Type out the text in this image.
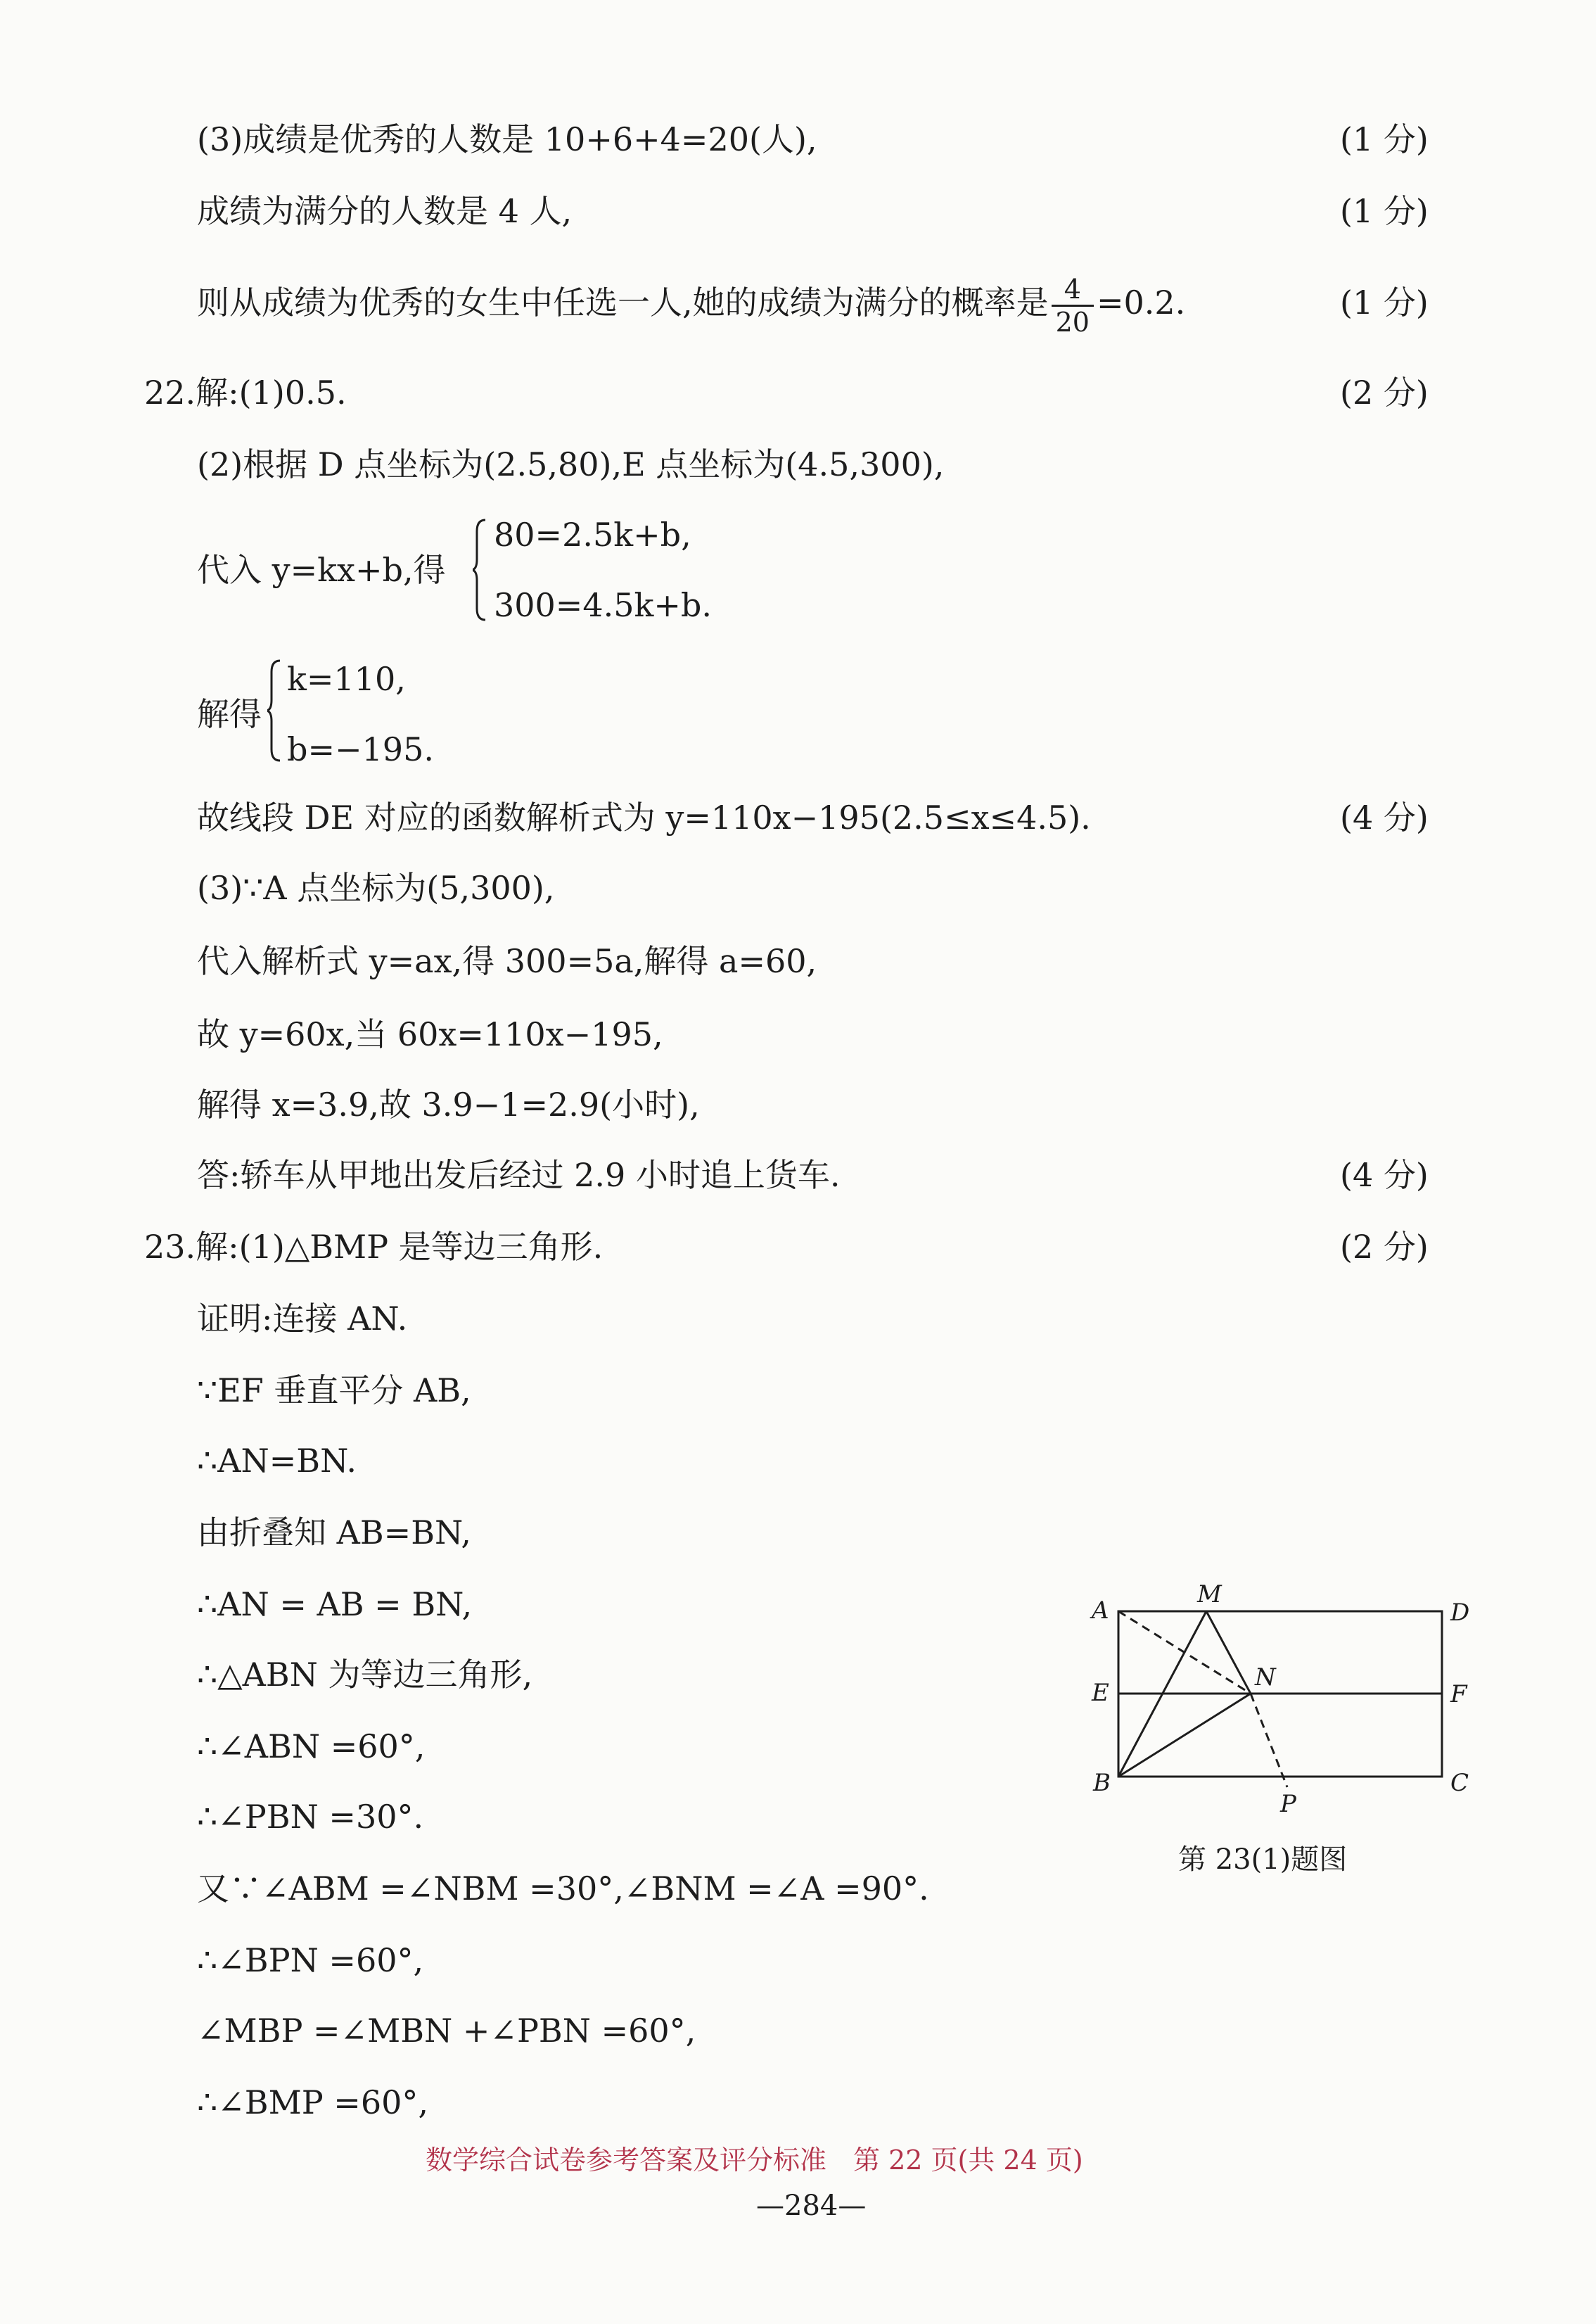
(3)成绩是优秀的人数是 10+6+4=20(人),	(1 分)
成绩为满分的人数是 4 人,	(1 分)
则从成绩为优秀的女生中任选一人,她的成绩为满分的概率是 $\frac{4}{20} =0.2$.	(1 分)
22.解:(1)0.5.	(2 分)
(2)根据 D 点坐标为(2.5,80),E 点坐标为(4.5,300),
代入 y=kx+b,得
80=2.5k+b,
300=4.5k+b.
解得
k=110,
b=−195.
故线段 DE 对应的函数解析式为 y=110x−195(2.5≤x≤4.5).	(4 分)
(3)∵A 点坐标为(5,300),
代入解析式 y=ax,得 300=5a,解得 a=60,
故 y=60x,当 60x=110x−195,
解得 x=3.9,故 3.9−1=2.9(小时),
答:轿车从甲地出发后经过 2.9 小时追上货车.	(4 分)
23.解:(1)△BMP 是等边三角形.	(2 分)
证明:连接 AN.
∵EF 垂直平分 AB,
∴AN=BN.
由折叠知 AB=BN,
∴AN = AB = BN,
∴△ABN 为等边三角形,
∴∠ABN =60°,
∴∠PBN =30°.
又∵∠ABM =∠NBM =30°,∠BNM =∠A =90°.
∴∠BPN =60°,
∠MBP =∠MBN +∠PBN =60°,
∴∠BMP =60°,
A
M
D
E
N
F
B
P
C
第 23(1)题图
数学综合试卷参考答案及评分标准　第 22 页(共 24 页)
—284—
